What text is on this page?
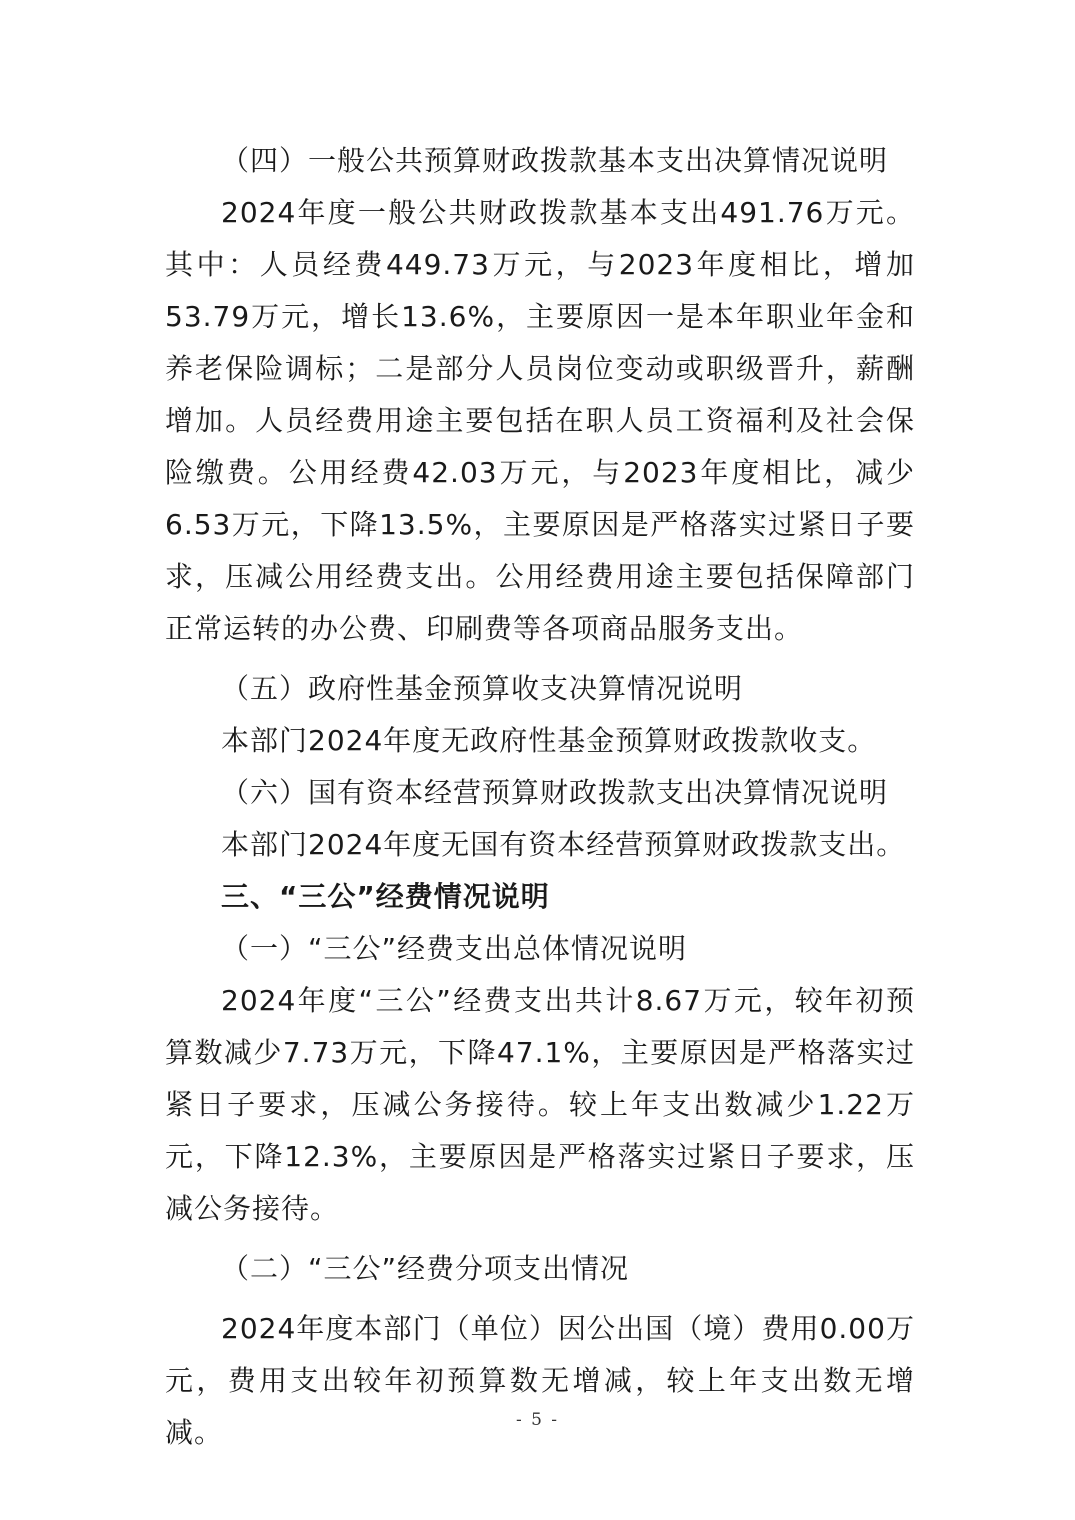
（四）一般公共预算财政拨款基本支出决算情况说明

2024年度一般公共财政拨款基本支出491.76万元。其中：人员经费449.73万元，与2023年度相比，增加53.79万元，增长13.6%，主要原因一是本年职业年金和养老保险调标；二是部分人员岗位变动或职级晋升，薪酬增加。人员经费用途主要包括在职人员工资福利及社会保险缴费。公用经费42.03万元，与2023年度相比，减少6.53万元，下降13.5%，主要原因是严格落实过紧日子要求，压减公用经费支出。公用经费用途主要包括保障部门正常运转的办公费、印刷费等各项商品服务支出。

（五）政府性基金预算收支决算情况说明

本部门2024年度无政府性基金预算财政拨款收支。

（六）国有资本经营预算财政拨款支出决算情况说明

本部门2024年度无国有资本经营预算财政拨款支出。

三、“三公”经费情况说明

（一）“三公”经费支出总体情况说明

2024年度“三公”经费支出共计8.67万元，较年初预算数减少7.73万元，下降47.1%，主要原因是严格落实过紧日子要求，压减公务接待。较上年支出数减少1.22万元，下降12.3%，主要原因是严格落实过紧日子要求，压减公务接待。

（二）“三公”经费分项支出情况

2024年度本部门（单位）因公出国（境）费用0.00万元，费用支出较年初预算数无增减，较上年支出数无增减。	- 5 -
